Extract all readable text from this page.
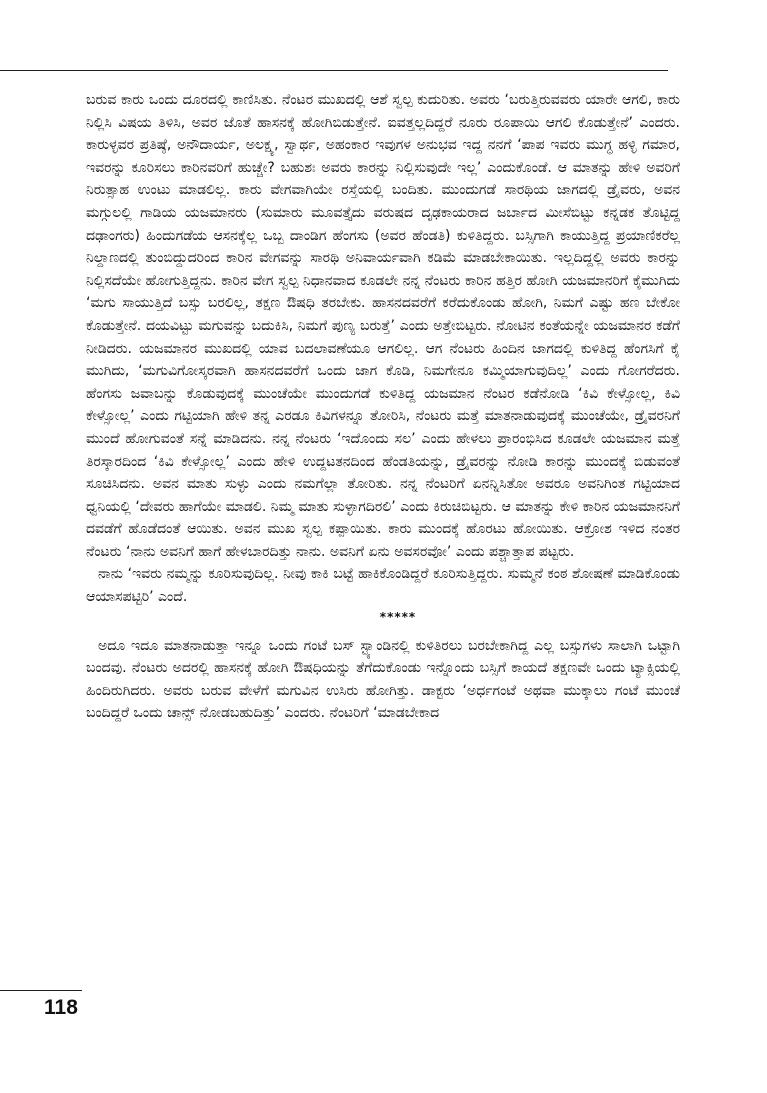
ಬರುವ ಕಾರು ಒಂದು ದೂರದಲ್ಲಿ ಕಾಣಿಸಿತು. ನೆಂಟರ ಮುಖದಲ್ಲಿ ಆಶೆ ಸ್ವಲ್ಪ ಕುದುರಿತು. ಅವರು ‘ಬರುತ್ತಿರುವವರು ಯಾರೇ ಆಗಲಿ, ಕಾರು ನಿಲ್ಲಿಸಿ ವಿಷಯ ತಿಳಿಸಿ, ಅವರ ಜೊತೆ ಹಾಸನಕ್ಕೆ ಹೋಗಿಬಿಡುತ್ತೇನೆ. ಐವತ್ತಲ್ಲದಿದ್ದರೆ ನೂರು ರೂಪಾಯಿ ಆಗಲಿ ಕೊಡುತ್ತೇನೆ’ ಎಂದರು. ಕಾರುಳ್ಳವರ ಪ್ರತಿಷ್ಠೆ, ಅನೌದಾರ್ಯ, ಅಲಕ್ಷ್ಯ, ಸ್ವಾರ್ಥ, ಅಹಂಕಾರ ಇವುಗಳ ಅನುಭವ ಇದ್ದ ನನಗೆ ‘ಪಾಪ ಇವರು ಮುಗ್ಧ ಹಳ್ಳಿ ಗಮಾರ, ಇವರನ್ನು ಕೂರಿಸಲು ಕಾರಿನವರಿಗೆ ಹುಚ್ಚೇ? ಬಹುಶಃ ಅವರು ಕಾರನ್ನು ನಿಲ್ಲಿಸುವುದೇ ಇಲ್ಲ’ ಎಂದುಕೊಂಡೆ. ಆ ಮಾತನ್ನು ಹೇಳಿ ಅವರಿಗೆ ನಿರುತ್ಸಾಹ ಉಂಟು ಮಾಡಲಿಲ್ಲ. ಕಾರು ವೇಗವಾಗಿಯೇ ರಸ್ತೆಯಲ್ಲಿ ಬಂದಿತು. ಮುಂದುಗಡೆ ಸಾರಥಿಯ ಜಾಗದಲ್ಲಿ ಡ್ರೈವರು, ಅವನ ಮಗ್ಗುಲಲ್ಲಿ ಗಾಡಿಯ ಯಜಮಾನರು (ಸುಮಾರು ಮೂವತ್ತೈದು ವರುಷದ ದೃಢಕಾಯರಾದ ಜರ್ಬಾದ ಮೀಸೆಬಿಟ್ಟು ಕನ್ನಡಕ ತೊಟ್ಟಿದ್ದ ದಢಾಂಗರು) ಹಿಂದುಗಡೆಯ ಆಸನಕ್ಕೆಲ್ಲ ಒಬ್ಬ ದಾಂಡಿಗ ಹೆಂಗಸು (ಅವರ ಹೆಂಡತಿ) ಕುಳಿತಿದ್ದರು. ಬಸ್ಸಿಗಾಗಿ ಕಾಯುತ್ತಿದ್ದ ಪ್ರಯಾಣಿಕರೆಲ್ಲ ನಿಲ್ದಾಣದಲ್ಲಿ ತುಂಬಿದ್ದುದರಿಂದ ಕಾರಿನ ವೇಗವನ್ನು ಸಾರಥಿ ಅನಿವಾರ್ಯವಾಗಿ ಕಡಿಮೆ ಮಾಡಬೇಕಾಯಿತು. ಇಲ್ಲದಿದ್ದಲ್ಲಿ ಅವರು ಕಾರನ್ನು ನಿಲ್ಲಿಸದೆಯೇ ಹೋಗುತ್ತಿದ್ದನು. ಕಾರಿನ ವೇಗ ಸ್ವಲ್ಪ ನಿಧಾನವಾದ ಕೂಡಲೇ ನನ್ನ ನೆಂಟರು ಕಾರಿನ ಹತ್ತಿರ ಹೋಗಿ ಯಜಮಾನರಿಗೆ ಕೈಮುಗಿದು ‘ಮಗು ಸಾಯುತ್ತಿದೆ ಬಸ್ಸು ಬರಲಿಲ್ಲ, ತಕ್ಷಣ ಔಷಧಿ ತರಬೇಕು. ಹಾಸನದವರೆಗೆ ಕರೆದುಕೊಂಡು ಹೋಗಿ, ನಿಮಗೆ ಎಷ್ಟು ಹಣ ಬೇಕೋ ಕೊಡುತ್ತೇನೆ. ದಯವಿಟ್ಟು ಮಗುವನ್ನು ಬದುಕಿಸಿ, ನಿಮಗೆ ಪುಣ್ಯ ಬರುತ್ತೆ’ ಎಂದು ಅತ್ತೇಬಿಟ್ಟರು. ನೋಟಿನ ಕಂತೆಯನ್ನೇ ಯಜಮಾನರ ಕಡೆಗೆ ನೀಡಿದರು. ಯಜಮಾನರ ಮುಖದಲ್ಲಿ ಯಾವ ಬದಲಾವಣೆಯೂ ಆಗಲಿಲ್ಲ. ಆಗ ನೆಂಟರು ಹಿಂದಿನ ಜಾಗದಲ್ಲಿ ಕುಳಿತಿದ್ದ ಹೆಂಗಸಿಗೆ ಕೈ ಮುಗಿದು, ‘ಮಗುವಿಗೋಸ್ಕರವಾಗಿ ಹಾಸನದವರೆಗೆ ಒಂದು ಜಾಗ ಕೊಡಿ, ನಿಮಗೇನೂ ಕಮ್ಮಿಯಾಗುವುದಿಲ್ಲ’ ಎಂದು ಗೋಗರೆದರು. ಹೆಂಗಸು ಜವಾಬನ್ನು ಕೊಡುವುದಕ್ಕೆ ಮುಂಚೆಯೇ ಮುಂದುಗಡೆ ಕುಳಿತಿದ್ದ ಯಜಮಾನ ನೆಂಟರ ಕಡೆನೋಡಿ ‘ಕಿವಿ ಕೇಳ್ಸೋಲ್ಲ, ಕಿವಿ ಕೇಳ್ಸೋಲ್ಲ’ ಎಂದು ಗಟ್ಟಿಯಾಗಿ ಹೇಳಿ ತನ್ನ ಎರಡೂ ಕಿವಿಗಳನ್ನೂ ತೋರಿಸಿ, ನೆಂಟರು ಮತ್ತೆ ಮಾತನಾಡುವುದಕ್ಕೆ ಮುಂಚೆಯೇ, ಡ್ರೈವರನಿಗೆ ಮುಂದೆ ಹೋಗುವಂತೆ ಸನ್ನೆ ಮಾಡಿದನು. ನನ್ನ ನೆಂಟರು ‘ಇದೊಂದು ಸಲ’ ಎಂದು ಹೇಳಲು ಪ್ರಾರಂಭಿಸಿದ ಕೂಡಲೇ ಯಜಮಾನ ಮತ್ತೆ ತಿರಸ್ಕಾರದಿಂದ ‘ಕಿವಿ ಕೇಳ್ಸೋಲ್ಲ’ ಎಂದು ಹೇಳಿ ಉದ್ದಟತನದಿಂದ ಹೆಂಡತಿಯನ್ನು, ಡ್ರೈವರನ್ನು ನೋಡಿ ಕಾರನ್ನು ಮುಂದಕ್ಕೆ ಬಿಡುವಂತೆ ಸೂಚಿಸಿದನು. ಅವನ ಮಾತು ಸುಳ್ಳು ಎಂದು ನಮಗೆಲ್ಲಾ ತೋರಿತು. ನನ್ನ ನೆಂಟರಿಗೆ ಏನನ್ನಿಸಿತೋ ಅವರೂ ಅವನಿಗಿಂತ ಗಟ್ಟಿಯಾದ ಧ್ವನಿಯಲ್ಲಿ ‘ದೇವರು ಹಾಗೆಯೇ ಮಾಡಲಿ. ನಿಮ್ಮ ಮಾತು ಸುಳ್ಳಾಗದಿರಲಿ’ ಎಂದು ಕಿರುಚಿಬಿಟ್ಟರು. ಆ ಮಾತನ್ನು ಕೇಳಿ ಕಾರಿನ ಯಜಮಾನನಿಗೆ ದವಡೆಗೆ ಹೊಡೆದಂತೆ ಆಯಿತು. ಅವನ ಮುಖ ಸ್ವಲ್ಪ ಕಪ್ಪಾಯಿತು. ಕಾರು ಮುಂದಕ್ಕೆ ಹೊರಟು ಹೋಯಿತು. ಆಕ್ರೋಶ ಇಳಿದ ನಂತರ ನೆಂಟರು ‘ನಾನು ಅವನಿಗೆ ಹಾಗೆ ಹೇಳಬಾರದಿತ್ತು ನಾನು. ಅವನಿಗೆ ಏನು ಅವಸರವೋ’ ಎಂದು ಪಶ್ಚಾತ್ತಾಪ ಪಟ್ಟರು.

ನಾನು ‘ಇವರು ನಮ್ಮನ್ನು ಕೂರಿಸುವುದಿಲ್ಲ. ನೀವು ಕಾಕಿ ಬಟ್ಟೆ ಹಾಕಿಕೊಂಡಿದ್ದರೆ ಕೂರಿಸುತ್ತಿದ್ದರು. ಸುಮ್ಮನೆ ಕಂಠ ಶೋಷಣೆ ಮಾಡಿಕೊಂಡು ಆಯಾಸಪಟ್ಟಿರಿ’ ಎಂದೆ.

*****

ಅದೂ ಇದೂ ಮಾತನಾಡುತ್ತಾ ಇನ್ನೂ ಒಂದು ಗಂಟೆ ಬಸ್ ಸ್ಟ್ಯಾಂಡಿನಲ್ಲಿ ಕುಳಿತಿರಲು ಬರಬೇಕಾಗಿದ್ದ ಎಲ್ಲ ಬಸ್ಸುಗಳು ಸಾಲಾಗಿ ಒಟ್ಟಾಗಿ ಬಂದವು. ನೆಂಟರು ಅದರಲ್ಲಿ ಹಾಸನಕ್ಕೆ ಹೋಗಿ ಔಷಧಿಯನ್ನು ತೆಗೆದುಕೊಂಡು ಇನ್ನೊಂದು ಬಸ್ಸಿಗೆ ಕಾಯದೆ ತಕ್ಷಣವೇ ಒಂದು ಟ್ಯಾಕ್ಸಿಯಲ್ಲಿ ಹಿಂದಿರುಗಿದರು. ಅವರು ಬರುವ ವೇಳೆಗೆ ಮಗುವಿನ ಉಸಿರು ಹೋಗಿತ್ತು. ಡಾಕ್ಟರು ‘ಅರ್ಧಗಂಟೆ ಅಥವಾ ಮುಕ್ಕಾಲು ಗಂಟೆ ಮುಂಚೆ ಬಂದಿದ್ದರೆ ಒಂದು ಚಾನ್ಸ್ ನೋಡಬಹುದಿತ್ತು’ ಎಂದರು. ನೆಂಟರಿಗೆ ‘ಮಾಡಬೇಕಾದ

118
